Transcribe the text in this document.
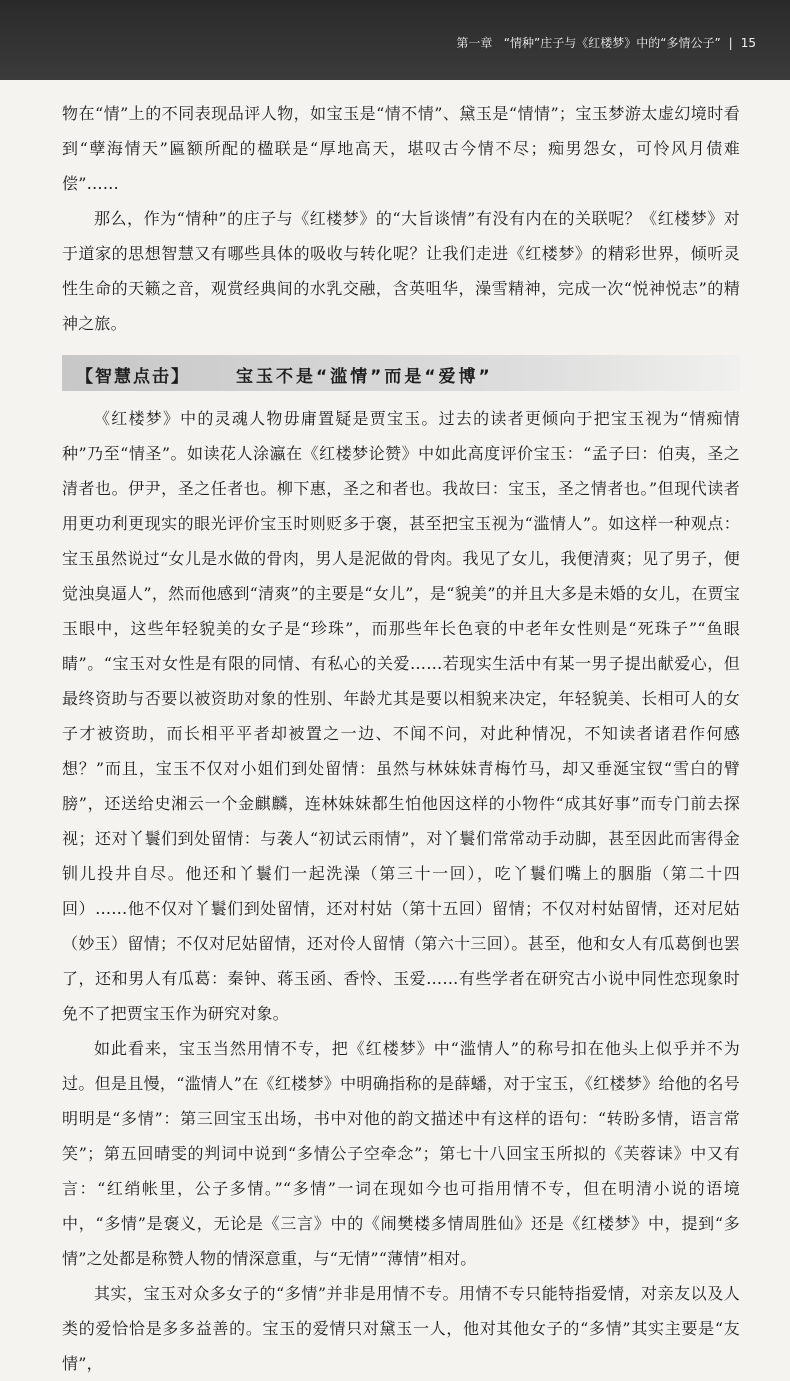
第一章 “情种”庄子与《红楼梦》中的“多情公子” | 15

物在“情”上的不同表现品评人物，如宝玉是“情不情”、黛玉是“情情”；宝玉梦游太虚幻境时看到“孽海情天”匾额所配的楹联是“厚地高天，堪叹古今情不尽；痴男怨女，可怜风月债难偿”……

那么，作为“情种”的庄子与《红楼梦》的“大旨谈情”有没有内在的关联呢？《红楼梦》对于道家的思想智慧又有哪些具体的吸收与转化呢？让我们走进《红楼梦》的精彩世界，倾听灵性生命的天籁之音，观赏经典间的水乳交融，含英咀华，澡雪精神，完成一次“悦神悦志”的精神之旅。

【智慧点击】	宝玉不是“滥情”而是“爱博”

《红楼梦》中的灵魂人物毋庸置疑是贾宝玉。过去的读者更倾向于把宝玉视为“情痴情种”乃至“情圣”。如读花人涂瀛在《红楼梦论赞》中如此高度评价宝玉：“孟子曰：伯夷，圣之清者也。伊尹，圣之任者也。柳下惠，圣之和者也。我故曰：宝玉，圣之情者也。”但现代读者用更功利更现实的眼光评价宝玉时则贬多于褒，甚至把宝玉视为“滥情人”。如这样一种观点：宝玉虽然说过“女儿是水做的骨肉，男人是泥做的骨肉。我见了女儿，我便清爽；见了男子，便觉浊臭逼人”，然而他感到“清爽”的主要是“女儿”，是“貌美”的并且大多是未婚的女儿，在贾宝玉眼中，这些年轻貌美的女子是“珍珠”，而那些年长色衰的中老年女性则是“死珠子”“鱼眼睛”。“宝玉对女性是有限的同情、有私心的关爱……若现实生活中有某一男子提出献爱心，但最终资助与否要以被资助对象的性别、年龄尤其是要以相貌来决定，年轻貌美、长相可人的女子才被资助，而长相平平者却被置之一边、不闻不问，对此种情况，不知读者诸君作何感想？”而且，宝玉不仅对小姐们到处留情：虽然与林妹妹青梅竹马，却又垂涎宝钗“雪白的臂膀”，还送给史湘云一个金麒麟，连林妹妹都生怕他因这样的小物件“成其好事”而专门前去探视；还对丫鬟们到处留情：与袭人“初试云雨情”，对丫鬟们常常动手动脚，甚至因此而害得金钏儿投井自尽。他还和丫鬟们一起洗澡（第三十一回），吃丫鬟们嘴上的胭脂（第二十四回）……他不仅对丫鬟们到处留情，还对村姑（第十五回）留情；不仅对村姑留情，还对尼姑（妙玉）留情；不仅对尼姑留情，还对伶人留情（第六十三回）。甚至，他和女人有瓜葛倒也罢了，还和男人有瓜葛：秦钟、蒋玉函、香怜、玉爱……有些学者在研究古小说中同性恋现象时免不了把贾宝玉作为研究对象。

如此看来，宝玉当然用情不专，把《红楼梦》中“滥情人”的称号扣在他头上似乎并不为过。但是且慢，“滥情人”在《红楼梦》中明确指称的是薛蟠，对于宝玉，《红楼梦》给他的名号明明是“多情”：第三回宝玉出场，书中对他的韵文描述中有这样的语句：“转盼多情，语言常笑”；第五回晴雯的判词中说到“多情公子空牵念”；第七十八回宝玉所拟的《芙蓉诔》中又有言：“红绡帐里，公子多情。”“多情”一词在现如今也可指用情不专，但在明清小说的语境中，“多情”是褒义，无论是《三言》中的《闹樊楼多情周胜仙》还是《红楼梦》中，提到“多情”之处都是称赞人物的情深意重，与“无情”“薄情”相对。

其实，宝玉对众多女子的“多情”并非是用情不专。用情不专只能特指爱情，对亲友以及人类的爱恰恰是多多益善的。宝玉的爱情只对黛玉一人，他对其他女子的“多情”其实主要是“友情”，
